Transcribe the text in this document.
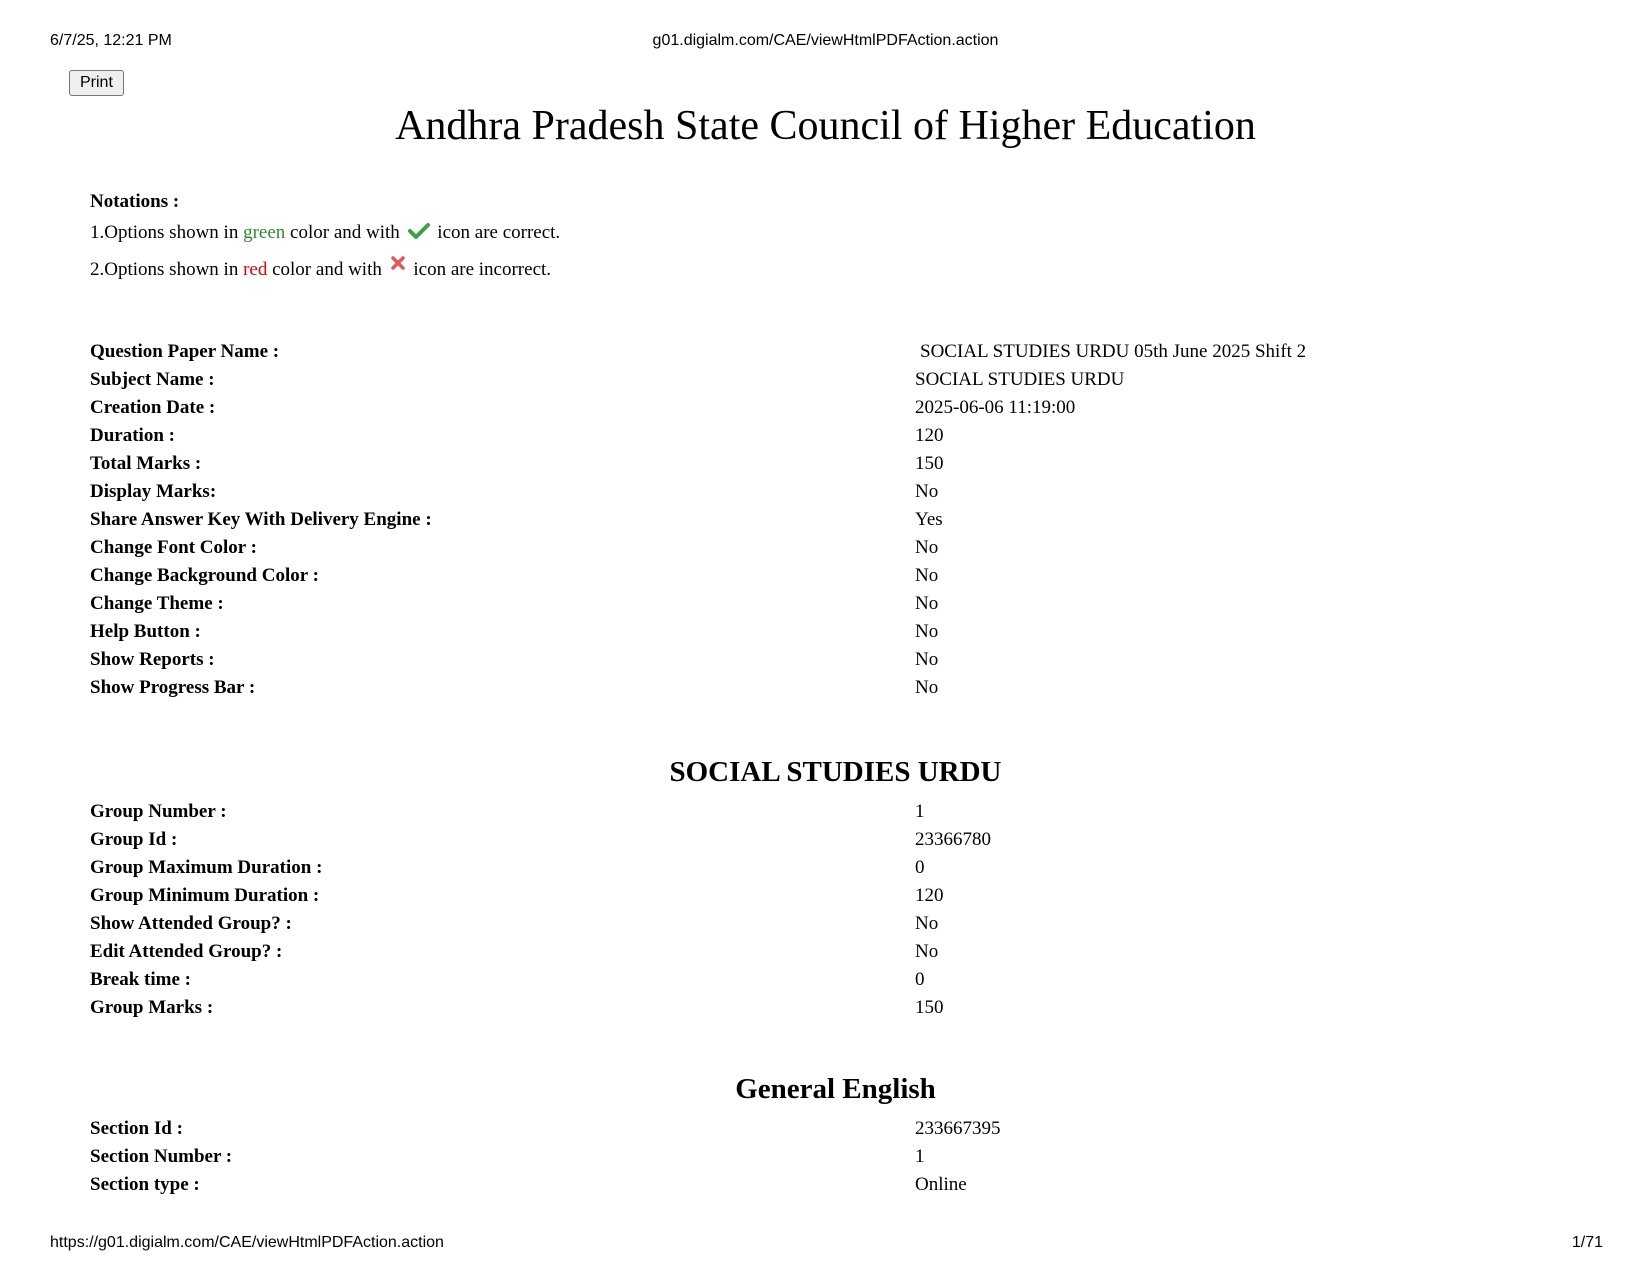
6/7/25, 12:21 PM	g01.digialm.com/CAE/viewHtmlPDFAction.action
Print
Andhra Pradesh State Council of Higher Education
Notations :
1.Options shown in green color and with  icon are correct.
2.Options shown in red color and with  icon are incorrect.
Question Paper Name :	SOCIAL STUDIES URDU 05th June 2025 Shift 2
Subject Name :	SOCIAL STUDIES URDU
Creation Date :	2025-06-06 11:19:00
Duration :	120
Total Marks :	150
Display Marks:	No
Share Answer Key With Delivery Engine :	Yes
Change Font Color :	No
Change Background Color :	No
Change Theme :	No
Help Button :	No
Show Reports :	No
Show Progress Bar :	No
SOCIAL STUDIES URDU
Group Number :	1
Group Id :	23366780
Group Maximum Duration :	0
Group Minimum Duration :	120
Show Attended Group? :	No
Edit Attended Group? :	No
Break time :	0
Group Marks :	150
General English
Section Id :	233667395
Section Number :	1
Section type :	Online
https://g01.digialm.com/CAE/viewHtmlPDFAction.action	1/71
